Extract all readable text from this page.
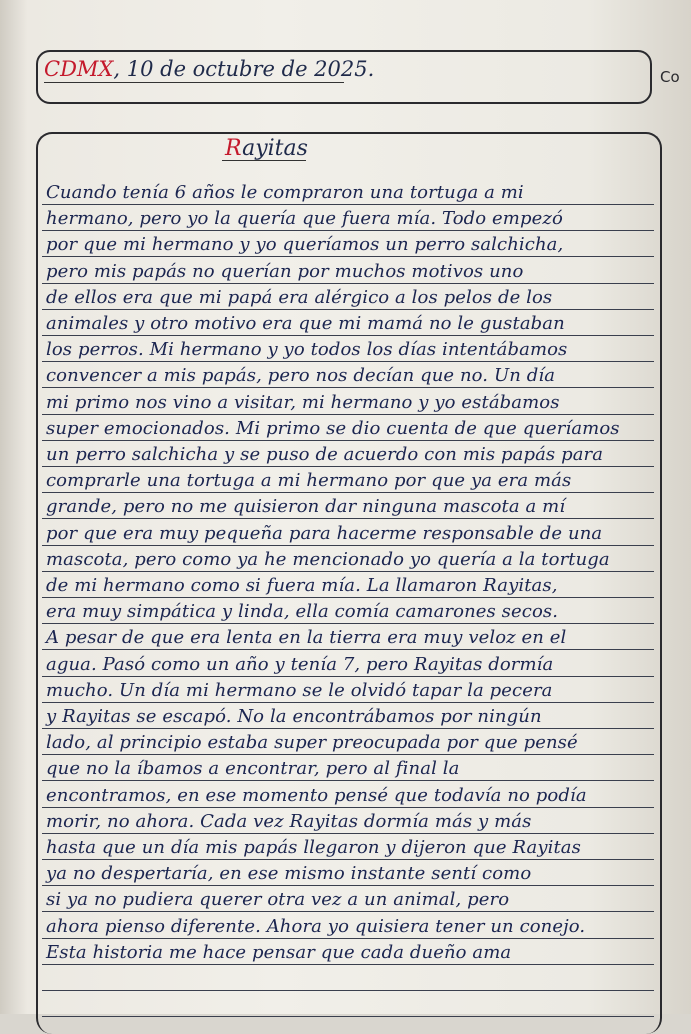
CDMX, 10 de octubre de 2025.	Co
Rayitas
Cuando tenía 6 años le compraron una tortuga a mi
hermano, pero yo la quería que fuera mía. Todo empezó
por que mi hermano y yo queríamos un perro salchicha,
pero mis papás no querían por muchos motivos uno
de ellos era que mi papá era alérgico a los pelos de los
animales y otro motivo era que mi mamá no le gustaban
los perros. Mi hermano y yo todos los días intentábamos
convencer a mis papás, pero nos decían que no. Un día
mi primo nos vino a visitar, mi hermano y yo estábamos
super emocionados. Mi primo se dio cuenta de que queríamos
un perro salchicha y se puso de acuerdo con mis papás para
comprarle una tortuga a mi hermano por que ya era más
grande, pero no me quisieron dar ninguna mascota a mí
por que era muy pequeña para hacerme responsable de una
mascota, pero como ya he mencionado yo quería a la tortuga
de mi hermano como si fuera mía. La llamaron Rayitas,
era muy simpática y linda, ella comía camarones secos.
A pesar de que era lenta en la tierra era muy veloz en el
agua. Pasó como un año y tenía 7, pero Rayitas dormía
mucho. Un día mi hermano se le olvidó tapar la pecera
y Rayitas se escapó. No la encontrábamos por ningún
lado, al principio estaba super preocupada por que pensé
que no la íbamos a encontrar, pero al final la
encontramos, en ese momento pensé que todavía no podía
morir, no ahora. Cada vez Rayitas dormía más y más
hasta que un día mis papás llegaron y dijeron que Rayitas
ya no despertaría, en ese mismo instante sentí como
si ya no pudiera querer otra vez a un animal, pero
ahora pienso diferente. Ahora yo quisiera tener un conejo.
Esta historia me hace pensar que cada dueño ama
